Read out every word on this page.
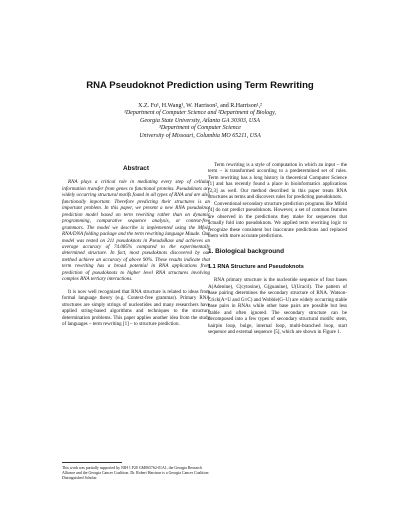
RNA Pseudoknot Prediction using Term Rewriting
X.Z. Fu¹, H.Wang¹, W. Harrison², and R.Harrison¹,²
¹Department of Computer Science and ²Department of Biology,
Georgia State University, Atlanta GA 30303, USA
³Department of Computer Science
University of Missouri, Columbia MO 65211, USA
Abstract

RNA plays a critical role in mediating every step of cellular information transfer from genes to functional proteins. Pseudoknots are widely occurring structural motifs found in all types of RNA and are also functionally important. Therefore predicting their structures is an important problem. In this paper, we present a new RNA pseudoknot prediction model based on term rewriting rather than on dynamic programming, comparative sequence analysis, or context-free grammars. The model we describe is implemented using the Mfold RNA/DNA folding package and the term rewriting language Maude. Our model was tested on 211 pseudoknots in PseudoBase and achieves an average accuracy of 74.085% compared to the experimentally determined structure. In fact, most pseudoknots discovered by our method achieve an accuracy of above 90%. These results indicate that term rewriting has a broad potential in RNA applications from prediction of pseudoknots to higher level RNA structures involving complex RNA tertiary interactions.

It is now well recognized that RNA structure is related to ideas from formal language theory (e.g. Context-free grammar). Primary RNA structures are simply strings of nucleotides and many researchers have applied string-based algorithms and techniques to the structure determination problems. This paper applies another idea from the study of languages – term rewriting [1] – to structure prediction.

Term rewriting is a style of computation in which an input – the term – is transformed according to a predetermined set of rules. Term rewriting has a long history in theoretical Computer Science [1] and has recently found a place in bioinformatics applications [2,3] as well. Our method described in this paper treats RNA structures as terms and discovers rules for predicting pseudoknots.

Conventional secondary structure prediction programs like Mfold [4] do not predict pseudoknots. However, a set of common features are observed in the predictions they make for sequences that actually fold into pseudoknots. We applied term rewriting logic to recognize these consistent but inaccurate predictions and replaced them with more accurate predictions.

1. Biological background
1.1 RNA Structure and Pseudoknots

RNA primary structure is the nucleotide sequence of four bases A(Adenine), C(cytosine), G(guanine), U(Uracil). The pattern of base pairing determines the secondary structure of RNA. Watson-Crick(A=U and G≡C) and Wobble(G–U) are widely occurring stable base pairs in RNAs while other base pairs are possible but less stable and often ignored. The secondary structure can be decomposed into a few types of secondary structural motifs: stem, hairpin loop, bulge, internal loop, multi-branched loop, start sequence and external sequence [5], which are shown in Figure 1.

This work was partially supported by NIH 1 P20 GM065762-01A1, the Georgia Research Alliance and the Georgia Cancer Coalition. Dr. Robert Harrison is a Georgia Cancer Coalition Distinguished Scholar.
